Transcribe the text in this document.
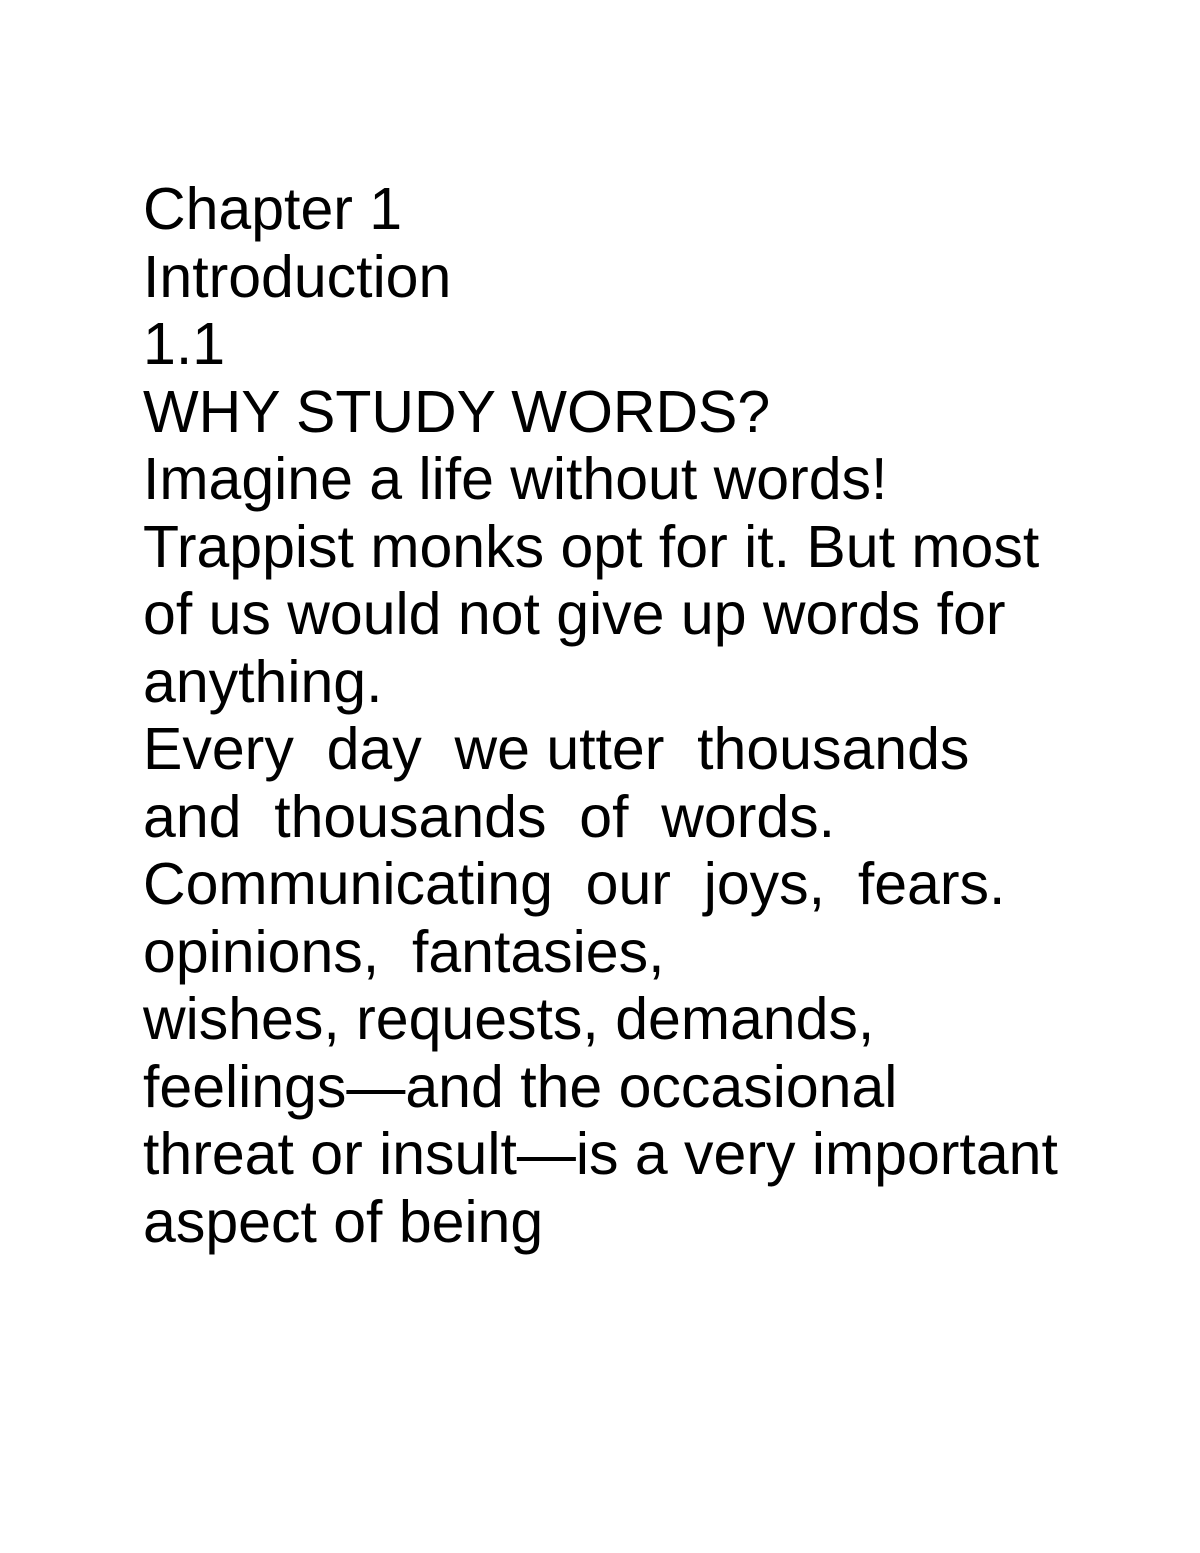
Chapter 1
Introduction
1.1
WHY STUDY WORDS?
Imagine a life without words!
Trappist monks opt for it. But most
of us would not give up words for
anything.
Every  day  we utter  thousands
and  thousands  of  words.
Communicating  our  joys,  fears.
opinions,  fantasies,
wishes, requests, demands,
feelings—and the occasional
threat or insult—is a very important
aspect of being
